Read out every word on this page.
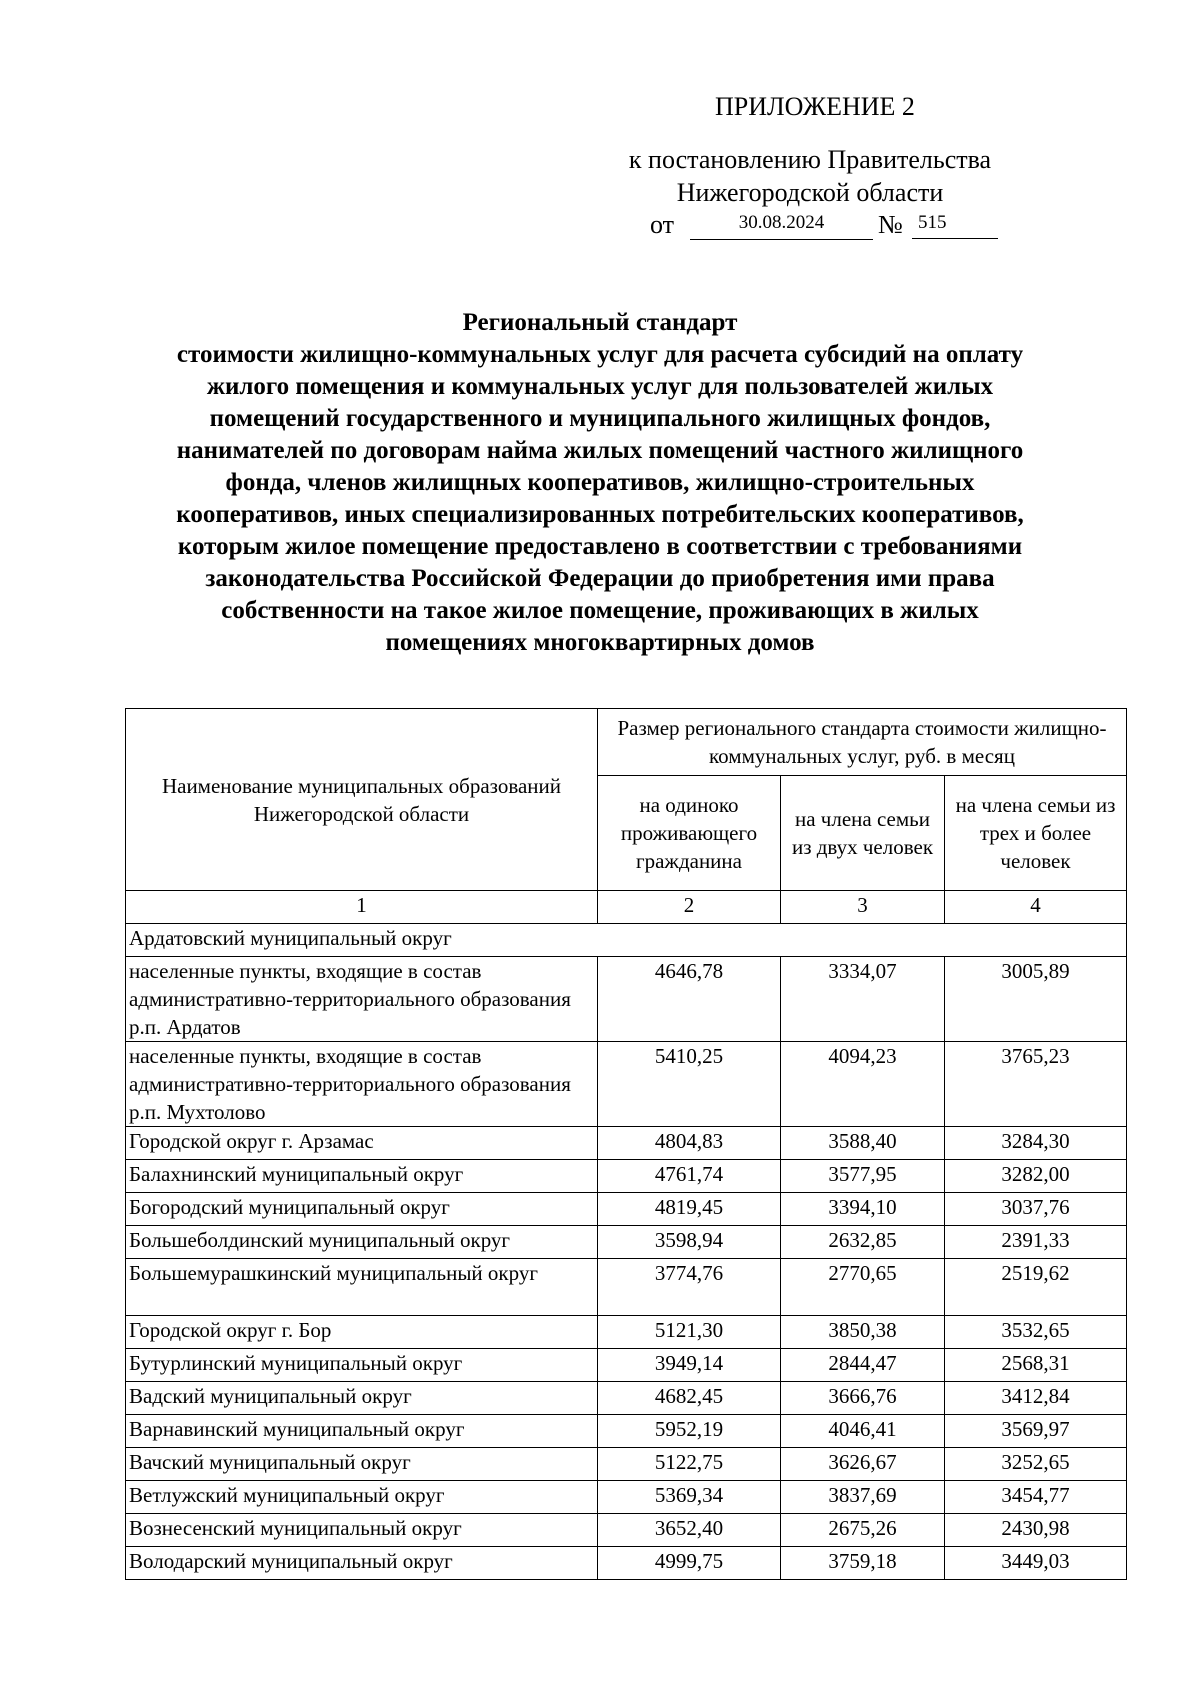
ПРИЛОЖЕНИЕ 2
к постановлению Правительства
Нижегородской области
от	30.08.2024	№ 515
Региональный стандарт
стоимости жилищно-коммунальных услуг для расчета субсидий на оплату
жилого помещения и коммунальных услуг для пользователей жилых
помещений государственного и муниципального жилищных фондов,
нанимателей по договорам найма жилых помещений частного жилищного
фонда, членов жилищных кооперативов, жилищно-строительных
кооперативов, иных специализированных потребительских кооперативов,
которым жилое помещение предоставлено в соответствии с требованиями
законодательства Российской Федерации до приобретения ими права
собственности на такое жилое помещение, проживающих в жилых
помещениях многоквартирных домов
Наименование муниципальных образований Нижегородской области	Размер регионального стандарта стоимости жилищно-коммунальных услуг, руб. в месяц		
	на одиноко проживающего гражданина	на члена семьи из двух человек	на члена семьи из трех и более человек
1	2	3	4
Ардатовский муниципальный округ			
населенные пункты, входящие в состав административно-территориального образования р.п. Ардатов	4646,78	3334,07	3005,89
населенные пункты, входящие в состав административно-территориального образования р.п. Мухтолово	5410,25	4094,23	3765,23
Городской округ г. Арзамас	4804,83	3588,40	3284,30
Балахнинский муниципальный округ	4761,74	3577,95	3282,00
Богородский муниципальный округ	4819,45	3394,10	3037,76
Большеболдинский муниципальный округ	3598,94	2632,85	2391,33
Большемурашкинский муниципальный округ	3774,76	2770,65	2519,62
Городской округ г. Бор	5121,30	3850,38	3532,65
Бутурлинский муниципальный округ	3949,14	2844,47	2568,31
Вадский муниципальный округ	4682,45	3666,76	3412,84
Варнавинский муниципальный округ	5952,19	4046,41	3569,97
Вачский муниципальный округ	5122,75	3626,67	3252,65
Ветлужский муниципальный округ	5369,34	3837,69	3454,77
Вознесенский муниципальный округ	3652,40	2675,26	2430,98
Володарский муниципальный округ	4999,75	3759,18	3449,03
